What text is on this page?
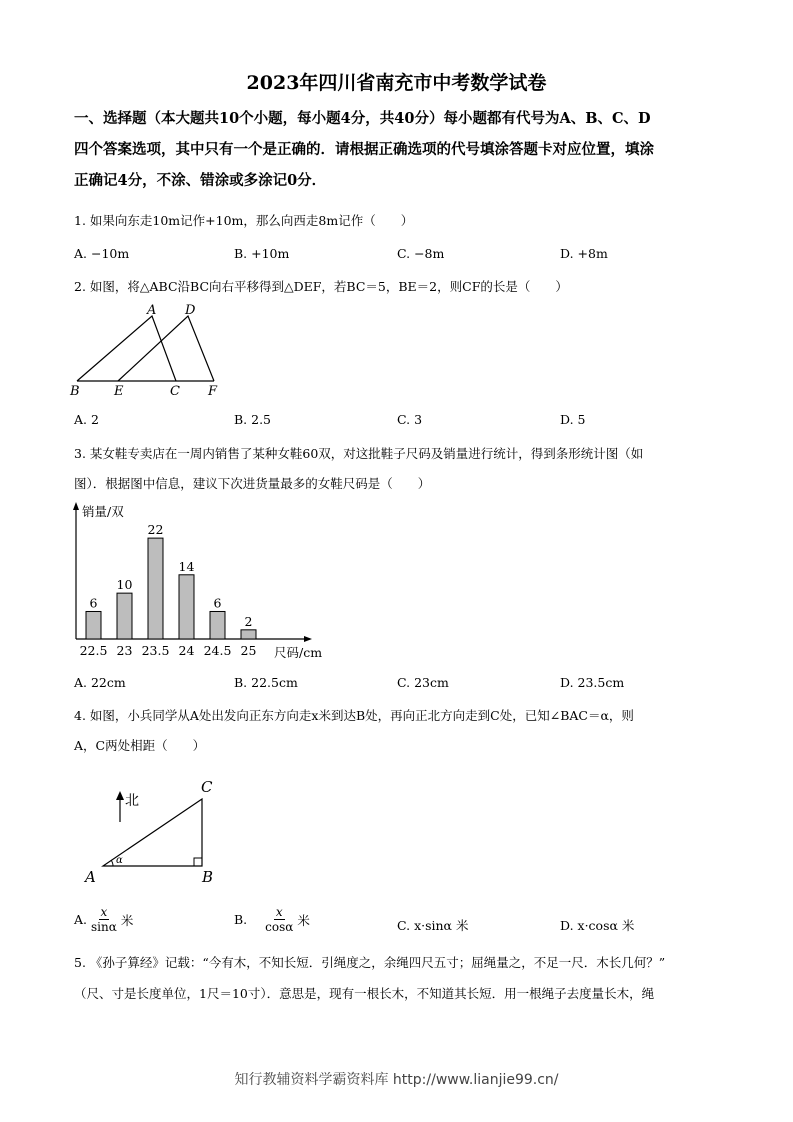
2023年四川省南充市中考数学试卷
一、选择题（本大题共10个小题，每小题4分，共40分）每小题都有代号为A、B、C、D
四个答案选项，其中只有一个是正确的．请根据正确选项的代号填涂答题卡对应位置，填涂
正确记4分，不涂、错涂或多涂记0分．
1. 如果向东走10m记作+10m，那么向西走8m记作（　　）
A. −10m	B. +10m	C. −8m	D. +8m
2. 如图，将△ABC沿BC向右平移得到△DEF，若BC＝5，BE＝2，则CF的长是（　　）
A D
B	E	C F
A. 2	B. 2.5	C. 3	D. 5
3. 某女鞋专卖店在一周内销售了某种女鞋60双，对这批鞋子尺码及销量进行统计，得到条形统计图（如
图）．根据图中信息，建议下次进货量最多的女鞋尺码是（　　）
销量/双
尺码/cm
6
22.5
10
23
22
23.5
14
24
6
24.5
2
25
A. 22cm	B. 22.5cm	C. 23cm	D. 23.5cm
4. 如图，小兵同学从A处出发向正东方向走x米到达B处，再向正北方向走到C处，已知∠BAC＝α，则
A，C两处相距（　　）
北
α
A	B
C
A. $\frac{x}{\sin\alpha}$ 米	B. $\frac{x}{\cos\alpha}$ 米	C. x·sinα 米	D. x·cosα 米
5. 《孙子算经》记载：“今有木，不知长短．引绳度之，余绳四尺五寸；屈绳量之，不足一尺．木长几何？”
（尺、寸是长度单位，1尺＝10寸）．意思是，现有一根长木，不知道其长短．用一根绳子去度量长木，绳
知行教辅资料学霸资料库 http://www.lianjie99.cn/
